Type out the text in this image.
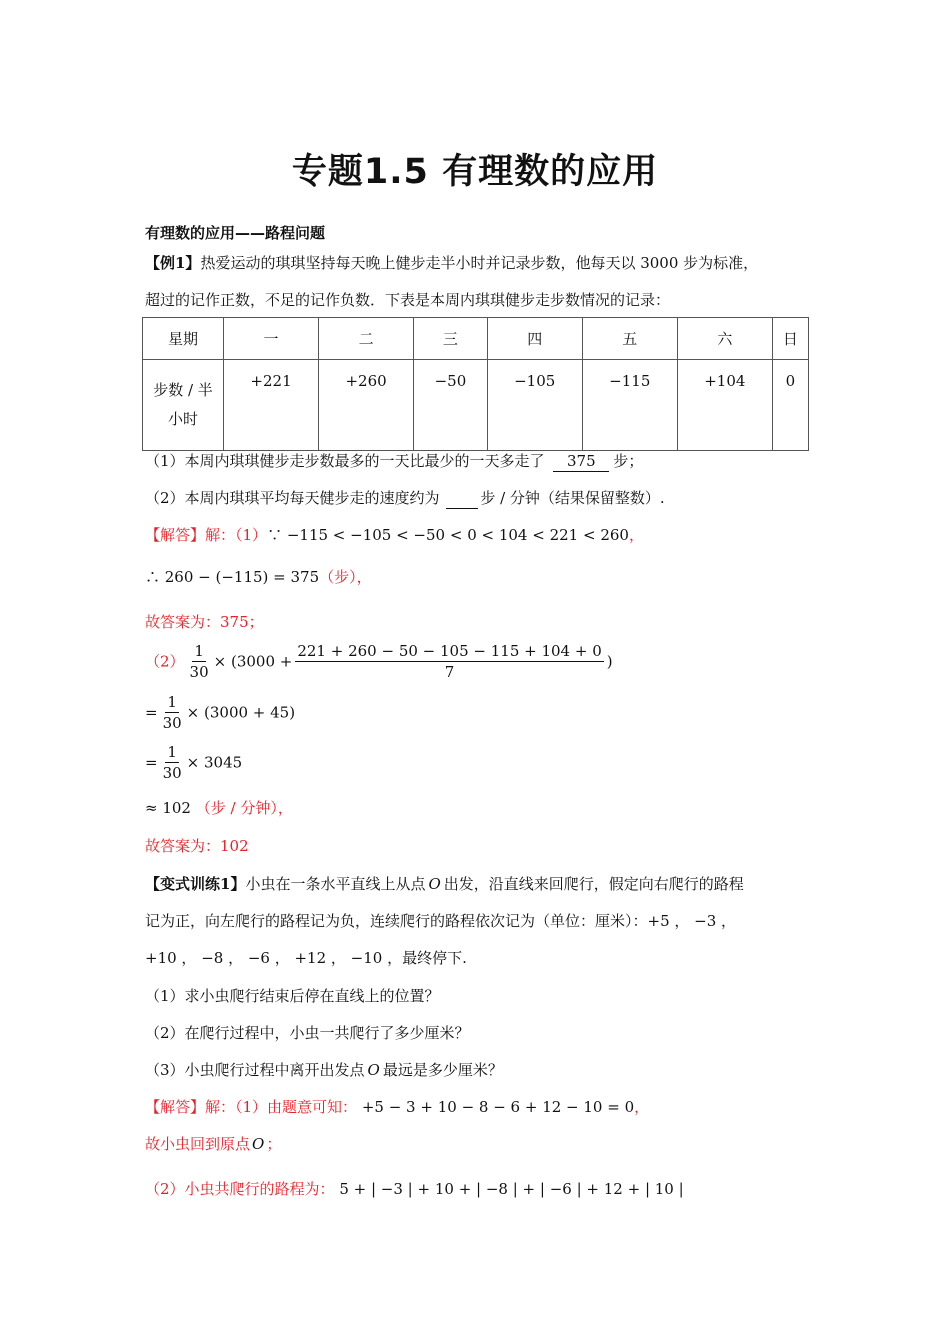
专题1.5 有理数的应用
有理数的应用——路程问题
【例1】热爱运动的琪琪坚持每天晚上健步走半小时并记录步数，他每天以 3000 步为标准，
超过的记作正数，不足的记作负数．下表是本周内琪琪健步走步数情况的记录：
星期	一	二	三	四	五	六	日

步数 / 半
小时	+221	+260	−50	−105	−115	+104	0
（1）本周内琪琪健步走步数最多的一天比最少的一天多走了 375 步；
（2）本周内琪琪平均每天健步走的速度约为	步 / 分钟（结果保留整数）.
【解答】解：（1）∵ −115 < −105 < −50 < 0 < 104 < 221 < 260，
∴ 260 − (−115) = 375（步），
故答案为：375；
$(2) \frac{1}{30} \times (3000 + \frac{221 + 260 - 50 - 105 - 115 + 104 + 0}{7}$ )
= $\frac{1}{30} \times (3000 + 45)$
= $\frac{1}{30} \times 3045$
≈ 102 （步 / 分钟），
故答案为：102
【变式训练1】小虫在一条水平直线上从点 O 出发，沿直线来回爬行，假定向右爬行的路程
记为正，向左爬行的路程记为负，连续爬行的路程依次记为（单位：厘米）：+5 ， −3 ，
+10 ， −8 ， −6 ， +12 ， −10 ，最终停下.
（1）求小虫爬行结束后停在直线上的位置？
（2）在爬行过程中，小虫一共爬行了多少厘米？
（3）小虫爬行过程中离开出发点 O 最远是多少厘米？
【解答】解：（1）由题意可知： +5 − 3 + 10 − 8 − 6 + 12 − 10 = 0，
故小虫回到原点 O ；
（2）小虫共爬行的路程为： 5 + | −3 | + 10 + | −8 | + | −6 | + 12 + | 10 |
